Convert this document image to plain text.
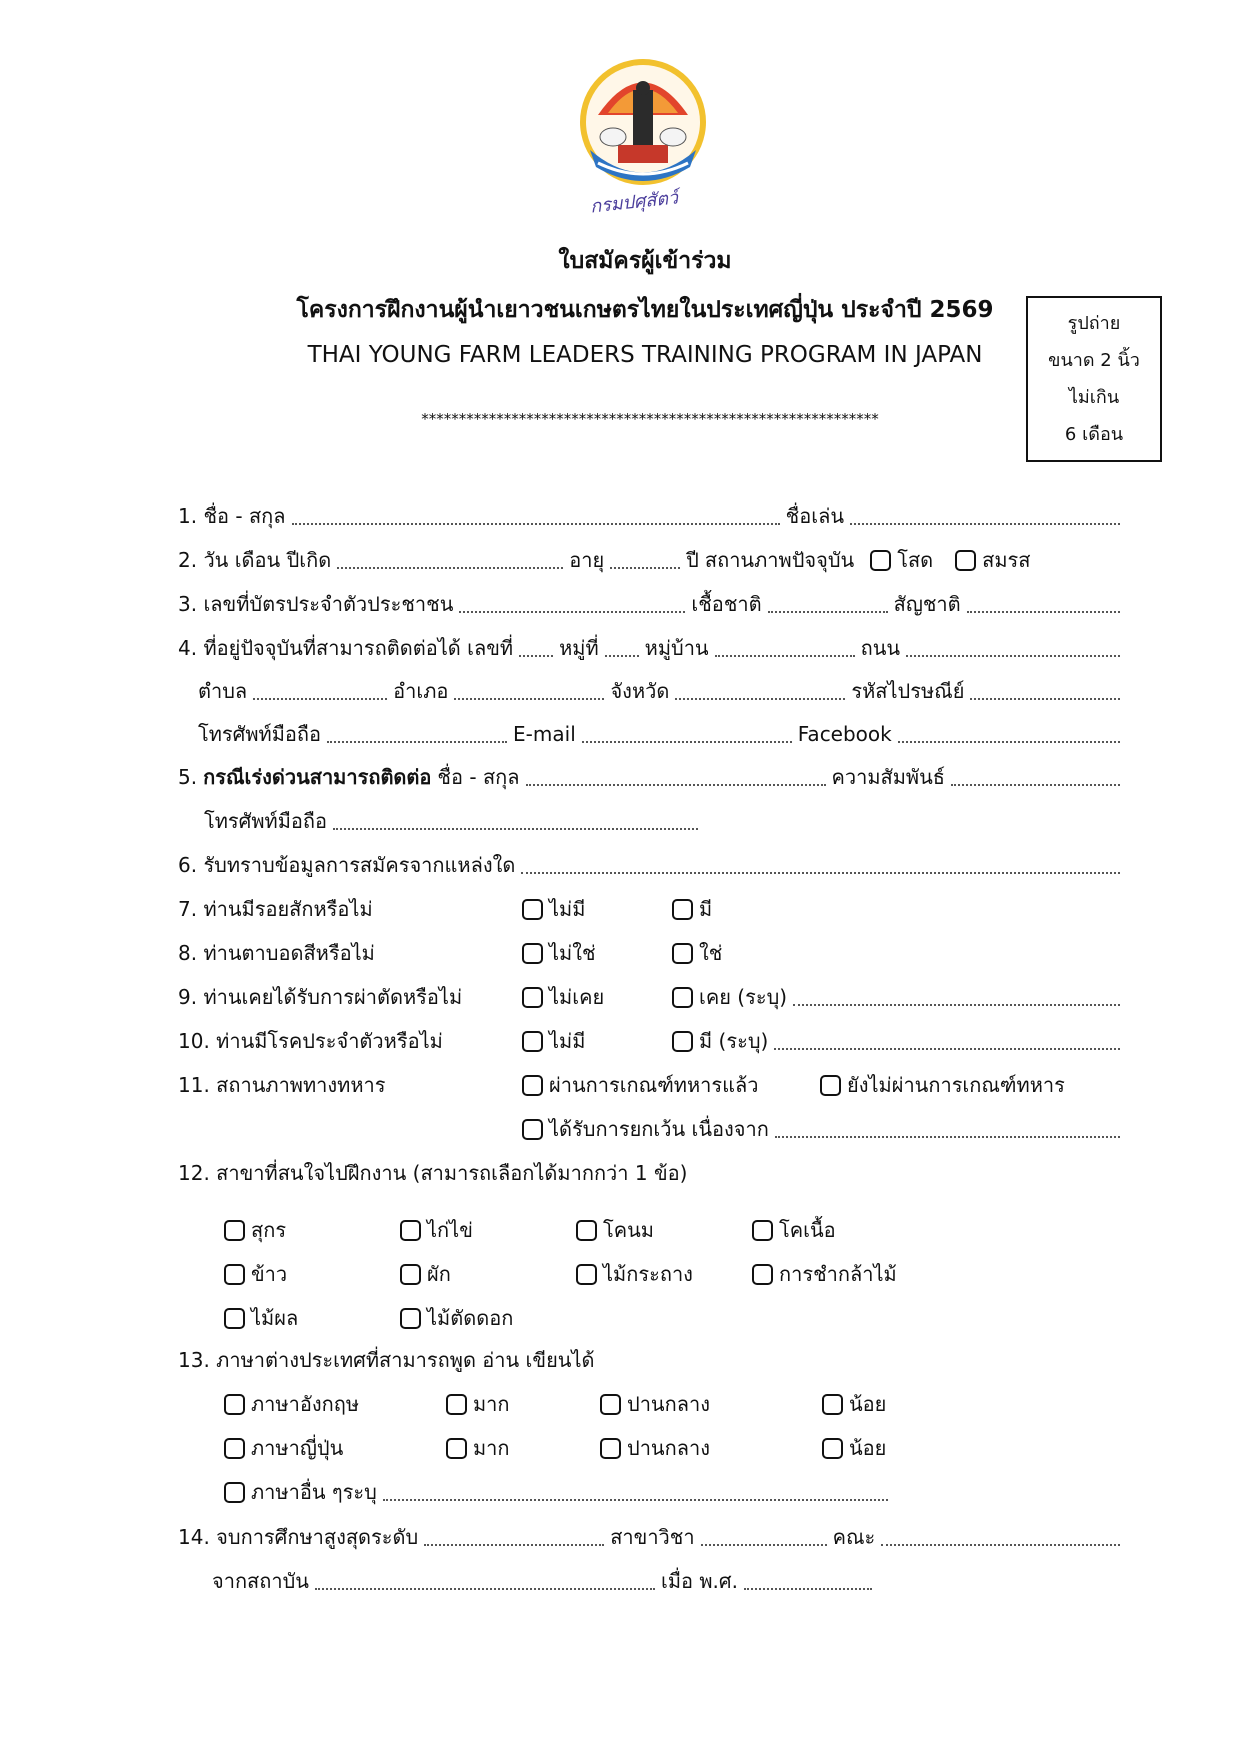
กรมปศุสัตว์
ใบสมัครผู้เข้าร่วม
โครงการฝึกงานผู้นำเยาวชนเกษตรไทยในประเทศญี่ปุ่น ประจำปี 2569
THAI YOUNG FARM LEADERS TRAINING PROGRAM IN JAPAN
*************************************************************
รูปถ่าย
ขนาด 2 นิ้ว
ไม่เกิน
6 เดือน
1. ชื่อ - สกุล	ชื่อเล่น
2. วัน เดือน ปีเกิด	อายุ	ปี สถานภาพปัจจุบัน โสด สมรส
3. เลขที่บัตรประจำตัวประชาชน	เชื้อชาติ	สัญชาติ
4. ที่อยู่ปัจจุบันที่สามารถติดต่อได้ เลขที่ หมู่ที่ หมู่บ้าน	ถนน
ตำบล	อำเภอ	จังหวัด	รหัสไปรษณีย์
โทรศัพท์มือถือ	E-mail	Facebook
5. กรณีเร่งด่วนสามารถติดต่อ ชื่อ - สกุล	ความสัมพันธ์
โทรศัพท์มือถือ
6. รับทราบข้อมูลการสมัครจากแหล่งใด
7. ท่านมีรอยสักหรือไม่	ไม่มี	มี
8. ท่านตาบอดสีหรือไม่	ไม่ใช่	ใช่
9. ท่านเคยได้รับการผ่าตัดหรือไม่	ไม่เคย	เคย (ระบุ)
10. ท่านมีโรคประจำตัวหรือไม่	ไม่มี	มี (ระบุ)
11. สถานภาพทางทหาร	ผ่านการเกณฑ์ทหารแล้ว	ยังไม่ผ่านการเกณฑ์ทหาร
ได้รับการยกเว้น เนื่องจาก
12. สาขาที่สนใจไปฝึกงาน (สามารถเลือกได้มากกว่า 1 ข้อ)
สุกร	ไก่ไข่	โคนม	โคเนื้อ
ข้าว	ผัก	ไม้กระถาง	การชำกล้าไม้
ไม้ผล	ไม้ตัดดอก
13. ภาษาต่างประเทศที่สามารถพูด อ่าน เขียนได้
ภาษาอังกฤษ	มาก	ปานกลาง	น้อย
ภาษาญี่ปุ่น	มาก	ปานกลาง	น้อย
ภาษาอื่น ๆระบุ
14. จบการศึกษาสูงสุดระดับ	สาขาวิชา	คณะ
จากสถาบัน	เมื่อ พ.ศ.
